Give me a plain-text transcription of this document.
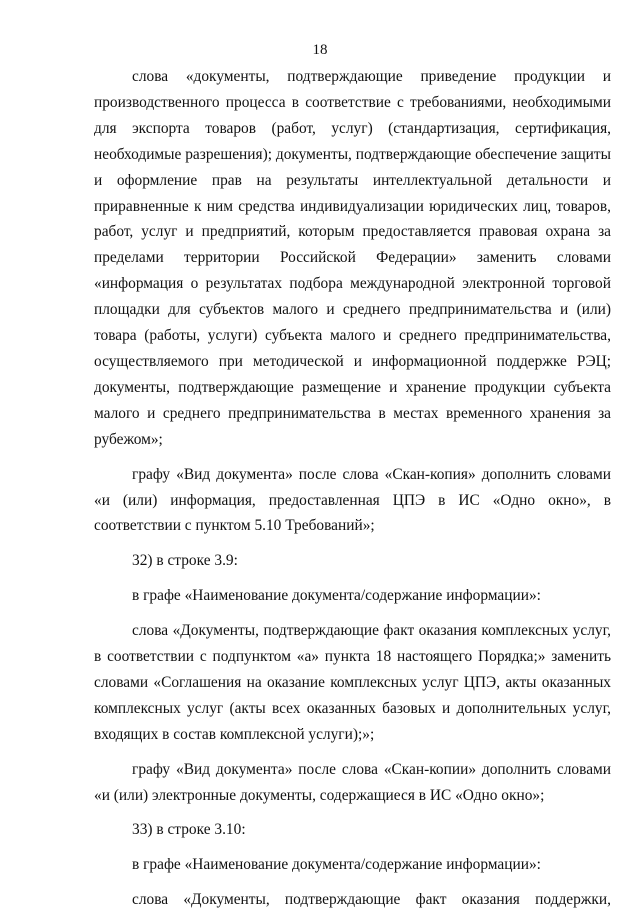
18

слова «документы, подтверждающие приведение продукции и производственного процесса в соответствие с требованиями, необходимыми для экспорта товаров (работ, услуг) (стандартизация, сертификация, необходимые разрешения); документы, подтверждающие обеспечение защиты и оформление прав на результаты интеллектуальной детальности и приравненные к ним средства индивидуализации юридических лиц, товаров, работ, услуг и предприятий, которым предоставляется правовая охрана за пределами территории Российской Федерации» заменить словами «информация о результатах подбора международной электронной торговой площадки для субъектов малого и среднего предпринимательства и (или) товара (работы, услуги) субъекта малого и среднего предпринимательства, осуществляемого при методической и информационной поддержке РЭЦ; документы, подтверждающие размещение и хранение продукции субъекта малого и среднего предпринимательства в местах временного хранения за рубежом»;

графу «Вид документа» после слова «Скан-копия» дополнить словами «и (или) информация, предоставленная ЦПЭ в ИС «Одно окно», в соответствии с пунктом 5.10 Требований»;

32) в строке 3.9:

в графе «Наименование документа/содержание информации»:

слова «Документы, подтверждающие факт оказания комплексных услуг, в соответствии с подпунктом «а» пункта 18 настоящего Порядка;» заменить словами «Соглашения на оказание комплексных услуг ЦПЭ, акты оказанных комплексных услуг (акты всех оказанных базовых и дополнительных услуг, входящих в состав комплексной услуги);»;

графу «Вид документа» после слова «Скан-копии» дополнить словами «и (или) электронные документы, содержащиеся в ИС «Одно окно»;

33) в строке 3.10:

в графе «Наименование документа/содержание информации»:

слова «Документы, подтверждающие факт оказания поддержки,
